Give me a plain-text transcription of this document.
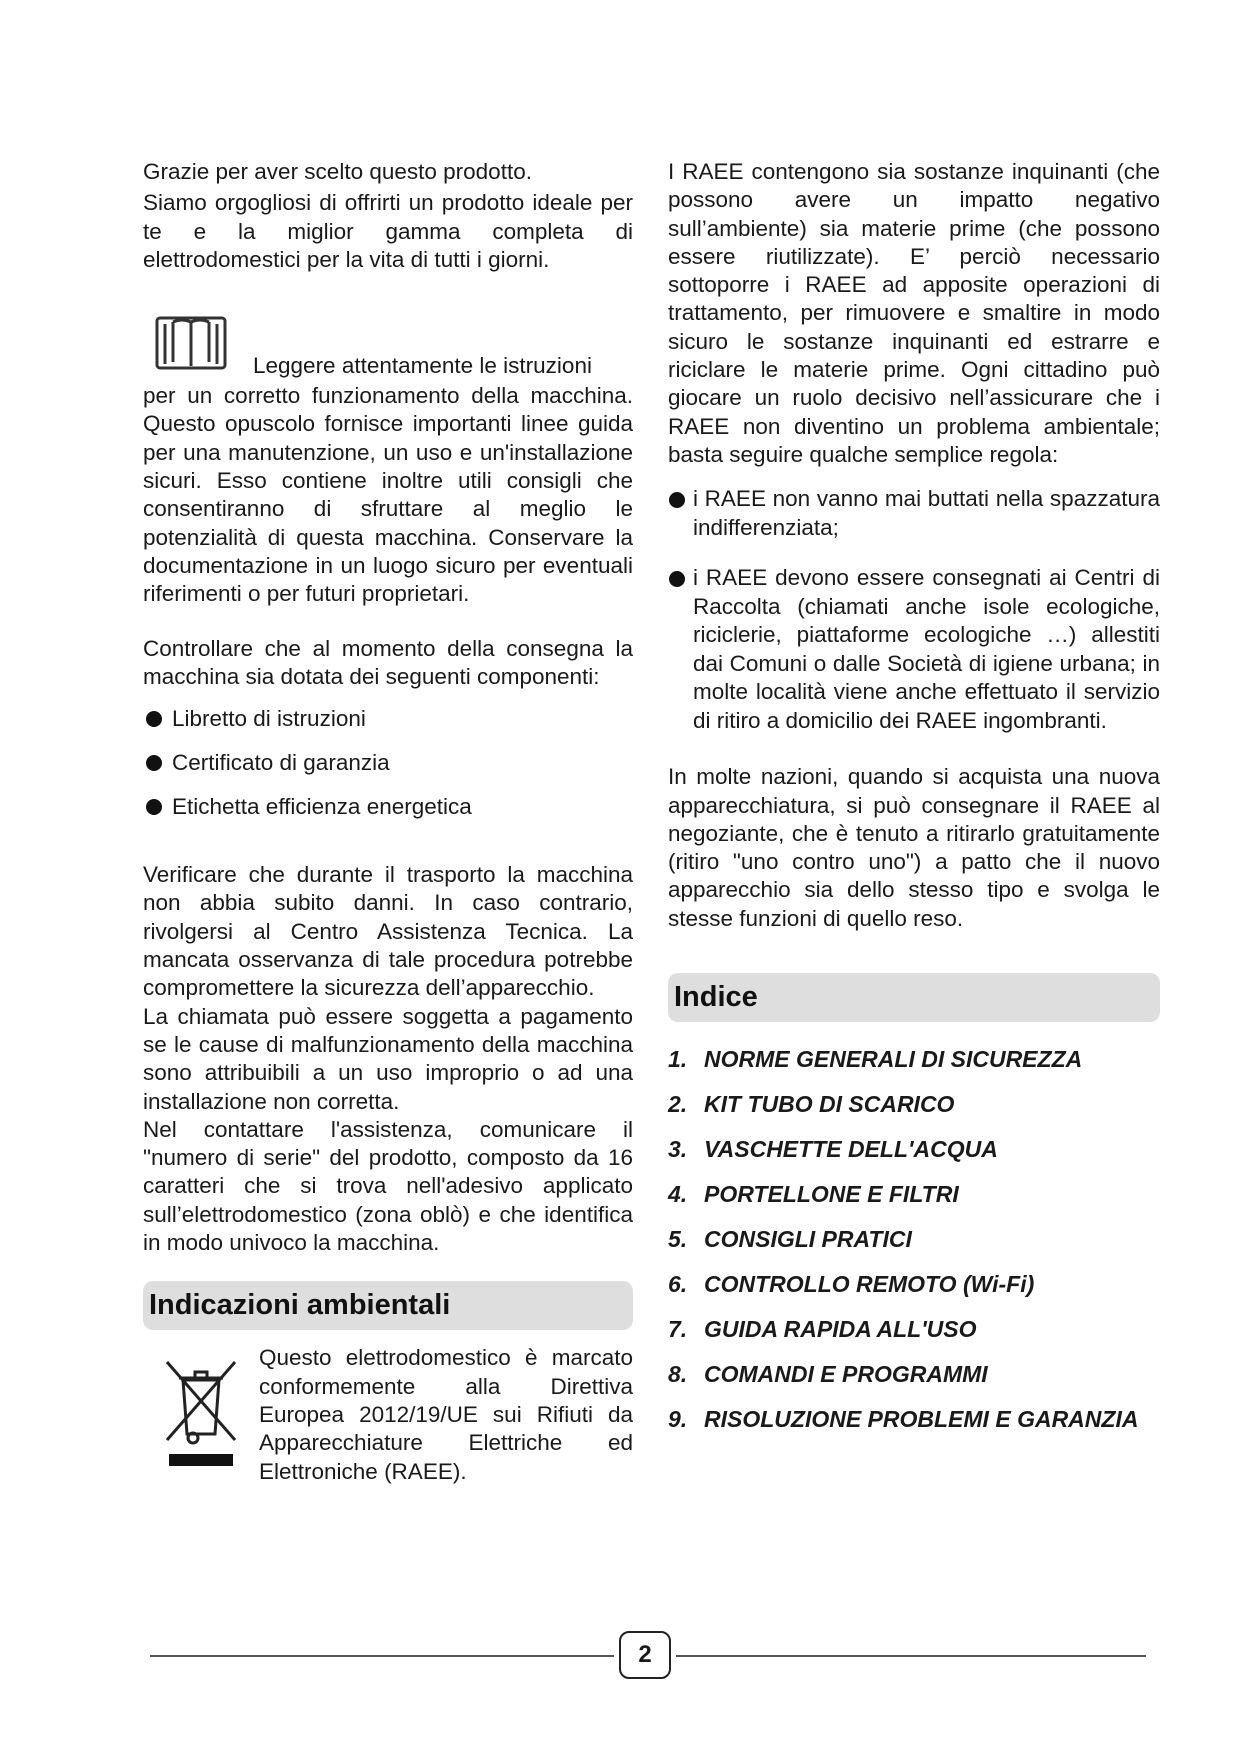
Grazie per aver scelto questo prodotto.

Siamo orgogliosi di offrirti un prodotto ideale per te e la miglior gamma completa di elettrodomestici per la vita di tutti i giorni.

Leggere attentamente le istruzioni

per un corretto funzionamento della macchina. Questo opuscolo fornisce importanti linee guida per una manutenzione, un uso e un'installazione sicuri. Esso contiene inoltre utili consigli che consentiranno di sfruttare al meglio le potenzialità di questa macchina. Conservare la documentazione in un luogo sicuro per eventuali riferimenti o per futuri proprietari.

Controllare che al momento della consegna la macchina sia dotata dei seguenti componenti:

Libretto di istruzioni
Certificato di garanzia
Etichetta efficienza energetica

Verificare che durante il trasporto la macchina non abbia subito danni. In caso contrario, rivolgersi al Centro Assistenza Tecnica. La mancata osservanza di tale procedura potrebbe compromettere la sicurezza dell’apparecchio.

La chiamata può essere soggetta a pagamento se le cause di malfunzionamento della macchina sono attribuibili a un uso improprio o ad una installazione non corretta.

Nel contattare l'assistenza, comunicare il "numero di serie" del prodotto, composto da 16 caratteri che si trova nell'adesivo applicato sull’elettrodomestico (zona oblò) e che identifica in modo univoco la macchina.

Indicazioni ambientali

Questo elettrodomestico è marcato conformemente alla Direttiva Europea 2012/19/UE sui Rifiuti da Apparecchiature Elettriche ed Elettroniche (RAEE).

I RAEE contengono sia sostanze inquinanti (che possono avere un impatto negativo sull’ambiente) sia materie prime (che possono essere riutilizzate). E’ perciò necessario sottoporre i RAEE ad apposite operazioni di trattamento, per rimuovere e smaltire in modo sicuro le sostanze inquinanti ed estrarre e riciclare le materie prime. Ogni cittadino può giocare un ruolo decisivo nell’assicurare che i RAEE non diventino un problema ambientale; basta seguire qualche semplice regola:

i RAEE non vanno mai buttati nella spazzatura indifferenziata;
i RAEE devono essere consegnati ai Centri di Raccolta (chiamati anche isole ecologiche, riciclerie, piattaforme ecologiche …) allestiti dai Comuni o dalle Società di igiene urbana; in molte località viene anche effettuato il servizio di ritiro a domicilio dei RAEE ingombranti.

In molte nazioni, quando si acquista una nuova apparecchiatura, si può consegnare il RAEE al negoziante, che è tenuto a ritirarlo gratuitamente (ritiro "uno contro uno") a patto che il nuovo apparecchio sia dello stesso tipo e svolga le stesse funzioni di quello reso.

Indice
1. NORME GENERALI DI SICUREZZA
2. KIT TUBO DI SCARICO
3. VASCHETTE DELL'ACQUA
4. PORTELLONE E FILTRI
5. CONSIGLI PRATICI
6. CONTROLLO REMOTO (Wi-Fi)
7. GUIDA RAPIDA ALL'USO
8. COMANDI E PROGRAMMI
9. RISOLUZIONE PROBLEMI E GARANZIA
2
